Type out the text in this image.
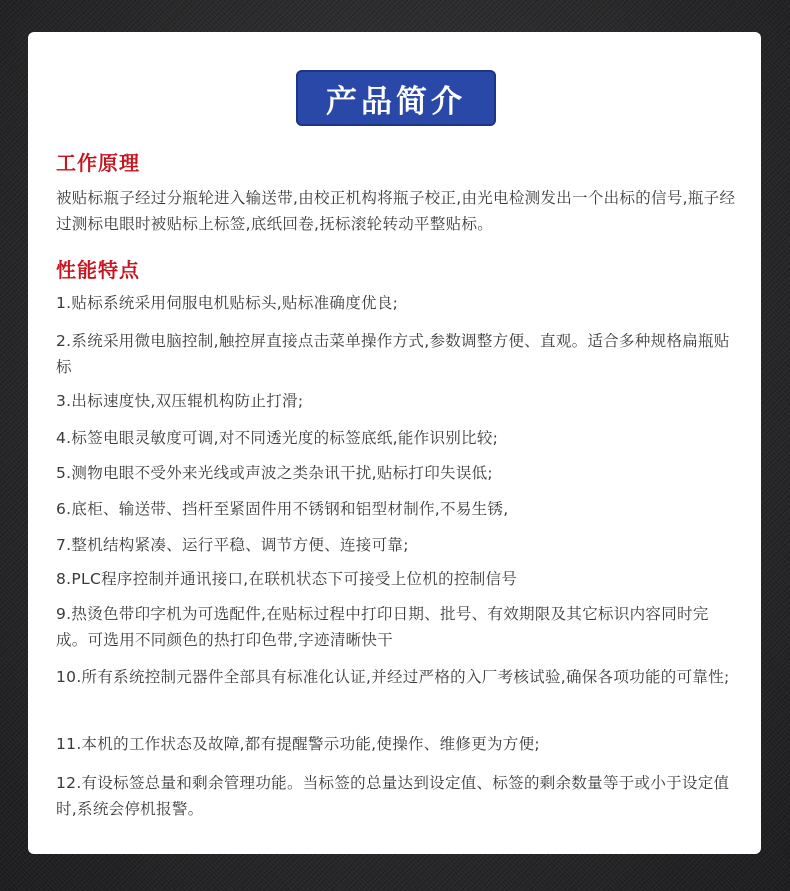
产品简介
工作原理
被贴标瓶子经过分瓶轮进入输送带,由校正机构将瓶子校正,由光电检测发出一个出标的信号,瓶子经过测标电眼时被贴标上标签,底纸回卷,抚标滚轮转动平整贴标。
性能特点
1.贴标系统采用伺服电机贴标头,贴标准确度优良;
2.系统采用微电脑控制,触控屏直接点击菜单操作方式,参数调整方便、直观。适合多种规格扁瓶贴标
3.出标速度快,双压辊机构防止打滑;
4.标签电眼灵敏度可调,对不同透光度的标签底纸,能作识别比较;
5.测物电眼不受外来光线或声波之类杂讯干扰,贴标打印失误低;
6.底柜、输送带、挡杆至紧固件用不锈钢和铝型材制作,不易生锈,
7.整机结构紧凑、运行平稳、调节方便、连接可靠;
8.PLC程序控制并通讯接口,在联机状态下可接受上位机的控制信号
9.热烫色带印字机为可选配件,在贴标过程中打印日期、批号、有效期限及其它标识内容同时完成。可选用不同颜色的热打印色带,字迹清晰快干
10.所有系统控制元器件全部具有标准化认证,并经过严格的入厂考核试验,确保各项功能的可靠性;
11.本机的工作状态及故障,都有提醒警示功能,使操作、维修更为方便;
12.有设标签总量和剩余管理功能。当标签的总量达到设定值、标签的剩余数量等于或小于设定值时,系统会停机报警。
